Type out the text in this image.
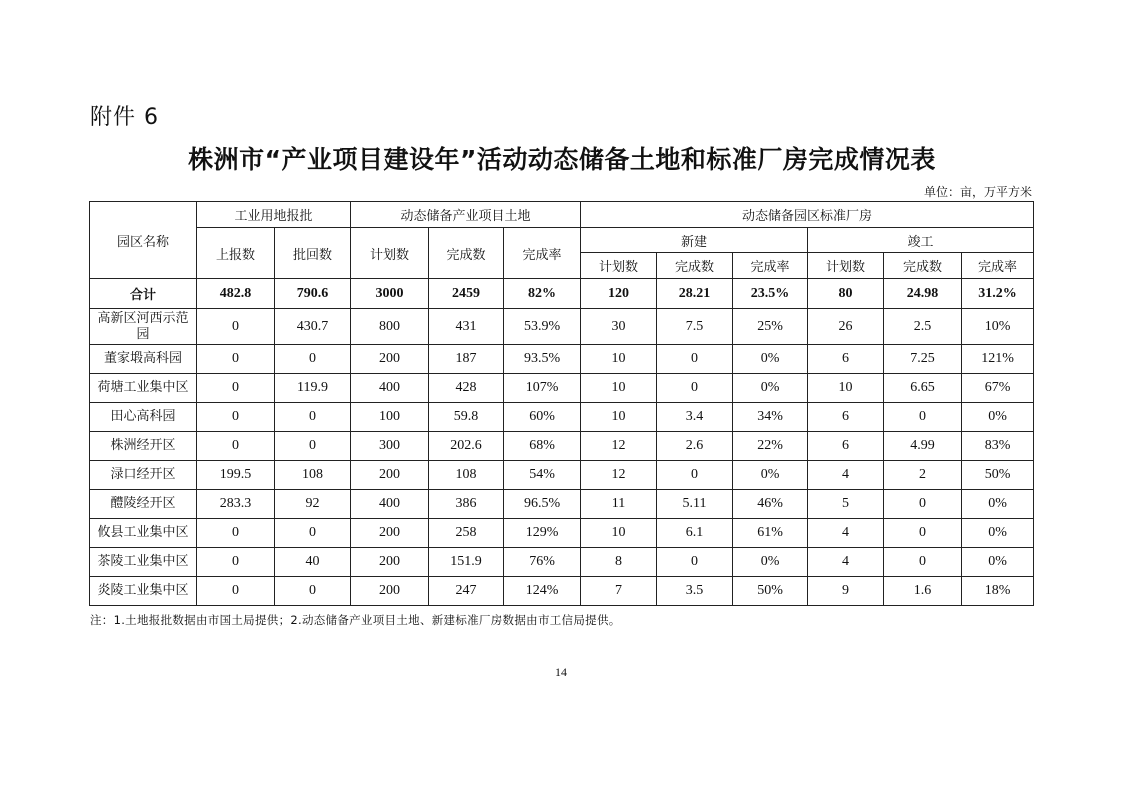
附件 6
株洲市“产业项目建设年”活动动态储备土地和标准厂房完成情况表
单位：亩，万平方米
园区名称	工业用地报批		动态储备产业项目土地			动态储备园区标准厂房					
	上报数	批回数	计划数	完成数	完成率	新建			竣工		
						计划数	完成数	完成率	计划数	完成数	完成率
合计	482.8	790.6	3000	2459	82%	120	28.21	23.5%	80	24.98	31.2%
高新区河西示范园	0	430.7	800	431	53.9%	30	7.5	25%	26	2.5	10%
董家塅高科园	0	0	200	187	93.5%	10	0	0%	6	7.25	121%
荷塘工业集中区	0	119.9	400	428	107%	10	0	0%	10	6.65	67%
田心高科园	0	0	100	59.8	60%	10	3.4	34%	6	0	0%
株洲经开区	0	0	300	202.6	68%	12	2.6	22%	6	4.99	83%
渌口经开区	199.5	108	200	108	54%	12	0	0%	4	2	50%
醴陵经开区	283.3	92	400	386	96.5%	11	5.11	46%	5	0	0%
攸县工业集中区	0	0	200	258	129%	10	6.1	61%	4	0	0%
茶陵工业集中区	0	40	200	151.9	76%	8	0	0%	4	0	0%
炎陵工业集中区	0	0	200	247	124%	7	3.5	50%	9	1.6	18%
注：1.土地报批数据由市国土局提供；2.动态储备产业项目土地、新建标准厂房数据由市工信局提供。
14
